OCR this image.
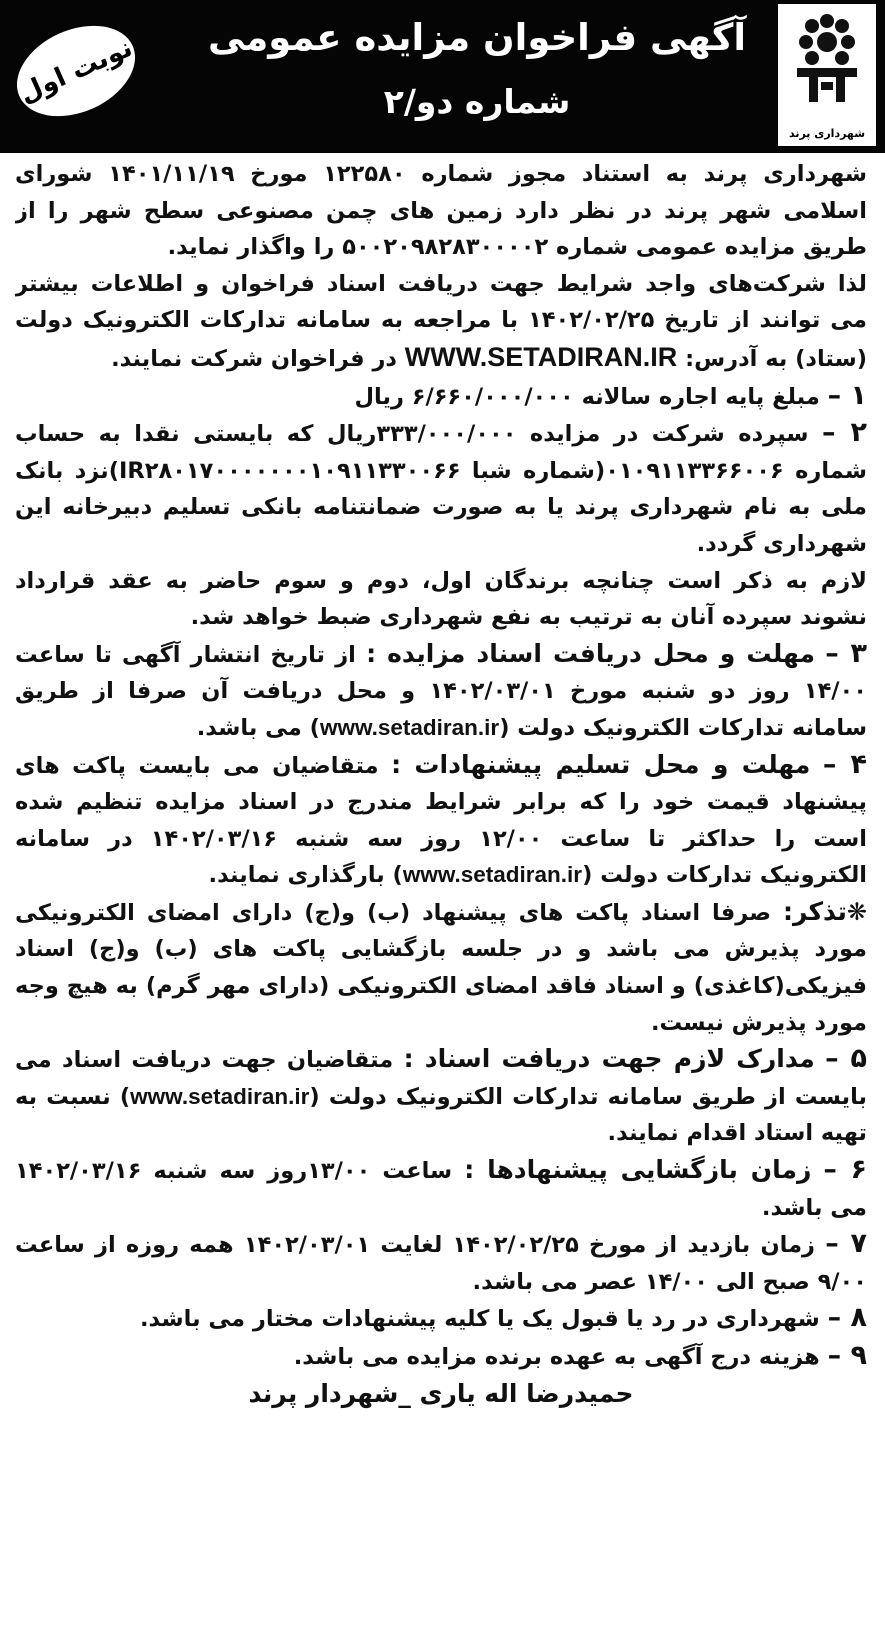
شهرداری پرند
آگهی فراخوان مزایده عمومی
شماره دو/۲
نوبت اول

شهرداری پرند به استناد مجوز شماره ۱۲۲۵۸۰ مورخ ۱۴۰۱/۱۱/۱۹ شورای اسلامی شهر پرند در نظر دارد زمین های چمن مصنوعی سطح شهر را از طریق مزایده عمومی شماره ۵۰۰۲۰۹۸۲۸۳۰۰۰۰۲ را واگذار نماید.

لذا شرکت‌های واجد شرایط جهت دریافت اسناد فراخوان و اطلاعات بیشتر می توانند از تاریخ ۱۴۰۲/۰۲/۲۵ با مراجعه به سامانه تدارکات الکترونیک دولت (ستاد) به آدرس: WWW.SETADIRAN.IR در فراخوان شرکت نمایند.

۱ – مبلغ پایه اجاره سالانه ۶/۶۶۰/۰۰۰/۰۰۰ ریال

۲ – سپرده شرکت در مزایده ۳۳۳/۰۰۰/۰۰۰ریال که بایستی نقدا به حساب شماره ۰۱۰۹۱۱۳۳۶۶۰۰۶(شماره شبا IR۲۸۰۱۷۰۰۰۰۰۰۰۱۰۹۱۱۳۳۰۰۶۶)نزد بانک ملی به نام شهرداری پرند یا به صورت ضمانتنامه بانکی تسلیم دبیرخانه این شهرداری گردد.

لازم به ذکر است چنانچه برندگان اول، دوم و سوم حاضر به عقد قرارداد نشوند سپرده آنان به ترتیب به نفع شهرداری ضبط خواهد شد.

۳ – مهلت و محل دریافت اسناد مزایده : از تاریخ انتشار آگهی تا ساعت ۱۴/۰۰ روز دو شنبه مورخ ۱۴۰۲/۰۳/۰۱ و محل دریافت آن صرفا از طریق سامانه تدارکات الکترونیک دولت (www.setadiran.ir) می باشد.

۴ – مهلت و محل تسلیم پیشنهادات : متقاضیان می بایست پاکت های پیشنهاد قیمت خود را که برابر شرایط مندرج در اسناد مزایده تنظیم شده است را حداکثر تا ساعت ۱۲/۰۰ روز سه شنبه ۱۴۰۲/۰۳/۱۶ در سامانه الکترونیک تدارکات دولت (www.setadiran.ir) بارگذاری نمایند.

❋تذکر: صرفا اسناد پاکت های پیشنهاد (ب) و(ج) دارای امضای الکترونیکی مورد پذیرش می باشد و در جلسه بازگشایی پاکت های (ب) و(ج) اسناد فیزیکی(کاغذی) و اسناد فاقد امضای الکترونیکی (دارای مهر گرم) به هیچ وجه مورد پذیرش نیست.

۵ – مدارک لازم جهت دریافت اسناد : متقاضیان جهت دریافت اسناد می بایست از طریق سامانه تدارکات الکترونیک دولت (www.setadiran.ir) نسبت به تهیه استاد اقدام نمایند.

۶ – زمان بازگشایی پیشنهادها : ساعت ۱۳/۰۰روز سه شنبه ۱۴۰۲/۰۳/۱۶ می باشد.

۷ – زمان بازدید از مورخ ۱۴۰۲/۰۲/۲۵ لغایت ۱۴۰۲/۰۳/۰۱ همه روزه از ساعت ۹/۰۰ صبح الی ۱۴/۰۰ عصر می باشد.

۸ – شهرداری در رد یا قبول یک یا کلیه پیشنهادات مختار می باشد.

۹ – هزینه درج آگهی به عهده برنده مزایده می باشد.

حمیدرضا اله یاری _شهردار پرند
